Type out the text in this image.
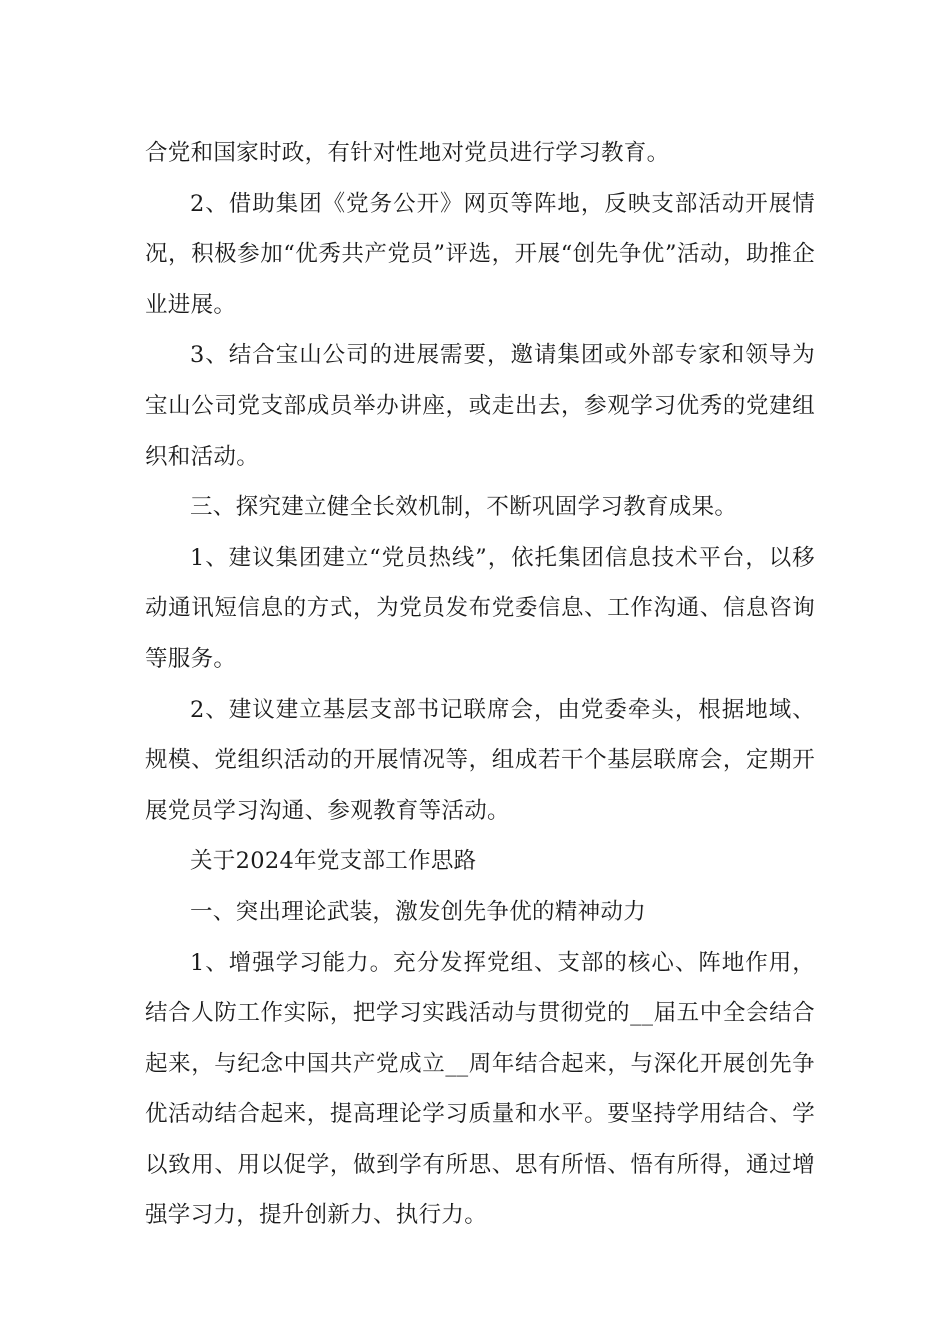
合党和国家时政，有针对性地对党员进行学习教育。

2、借助集团《党务公开》网页等阵地，反映支部活动开展情况，积极参加“优秀共产党员”评选，开展“创先争优”活动，助推企业进展。

3、结合宝山公司的进展需要，邀请集团或外部专家和领导为宝山公司党支部成员举办讲座，或走出去，参观学习优秀的党建组织和活动。

三、探究建立健全长效机制，不断巩固学习教育成果。

1、建议集团建立“党员热线”，依托集团信息技术平台，以移动通讯短信息的方式，为党员发布党委信息、工作沟通、信息咨询等服务。

2、建议建立基层支部书记联席会，由党委牵头，根据地域、规模、党组织活动的开展情况等，组成若干个基层联席会，定期开展党员学习沟通、参观教育等活动。

关于2024年党支部工作思路

一、突出理论武装，激发创先争优的精神动力

1、增强学习能力。充分发挥党组、支部的核心、阵地作用，结合人防工作实际，把学习实践活动与贯彻党的__届五中全会结合起来，与纪念中国共产党成立__周年结合起来，与深化开展创先争优活动结合起来，提高理论学习质量和水平。要坚持学用结合、学以致用、用以促学，做到学有所思、思有所悟、悟有所得，通过增强学习力，提升创新力、执行力。
